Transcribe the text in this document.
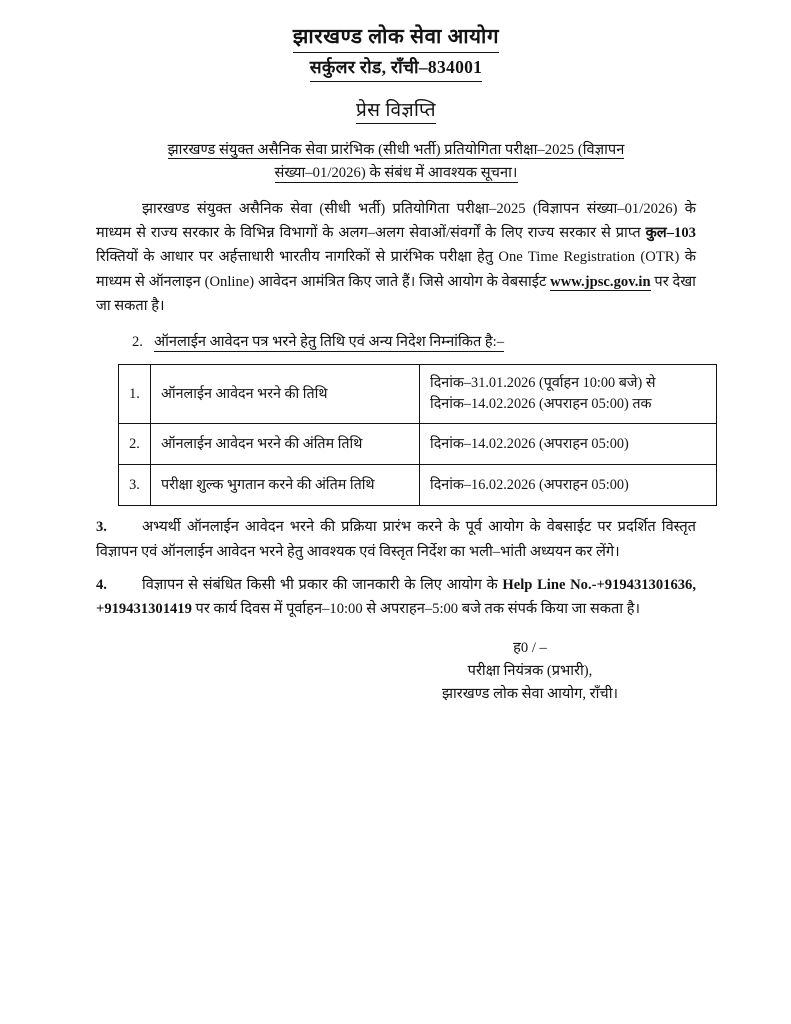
झारखण्ड लोक सेवा आयोग
सर्कुलर रोड, राँची–834001
प्रेस विज्ञप्ति
झारखण्ड संयुक्त असैनिक सेवा प्रारंभिक (सीधी भर्ती) प्रतियोगिता परीक्षा–2025 (विज्ञापन
संख्या–01/2026) के संबंध में आवश्यक सूचना।
झारखण्ड संयुक्त असैनिक सेवा (सीधी भर्ती) प्रतियोगिता परीक्षा–2025 (विज्ञापन संख्या–01/2026) के माध्यम से राज्य सरकार के विभिन्न विभागों के अलग–अलग सेवाओं/संवर्गों के लिए राज्य सरकार से प्राप्त कुल–103 रिक्तियों के आधार पर अर्हत्ताधारी भारतीय नागरिकों से प्रारंभिक परीक्षा हेतु One Time Registration (OTR) के माध्यम से ऑनलाइन (Online) आवेदन आमंत्रित किए जाते हैं। जिसे आयोग के वेबसाईट www.jpsc.gov.in पर देखा जा सकता है।
2. ऑनलाईन आवेदन पत्र भरने हेतु तिथि एवं अन्य निदेश निम्नांकित है:–
1.	ऑनलाईन आवेदन भरने की तिथि	दिनांक–31.01.2026 (पूर्वाहन 10:00 बजे) से
दिनांक–14.02.2026 (अपराहन 05:00) तक
2.	ऑनलाईन आवेदन भरने की अंतिम तिथि	दिनांक–14.02.2026 (अपराहन 05:00)
3.	परीक्षा शुल्क भुगतान करने की अंतिम तिथि	दिनांक–16.02.2026 (अपराहन 05:00)
3. अभ्यर्थी ऑनलाईन आवेदन भरने की प्रक्रिया प्रारंभ करने के पूर्व आयोग के वेबसाईट पर प्रदर्शित विस्तृत विज्ञापन एवं ऑनलाईन आवेदन भरने हेतु आवश्यक एवं विस्तृत निर्देश का भली–भांती अध्ययन कर लेंगे।
4. विज्ञापन से संबंधित किसी भी प्रकार की जानकारी के लिए आयोग के Help Line No.-+919431301636, +919431301419 पर कार्य दिवस में पूर्वाहन–10:00 से अपराहन–5:00 बजे तक संपर्क किया जा सकता है।
ह0 / –
परीक्षा नियंत्रक (प्रभारी),
झारखण्ड लोक सेवा आयोग, राँची।
